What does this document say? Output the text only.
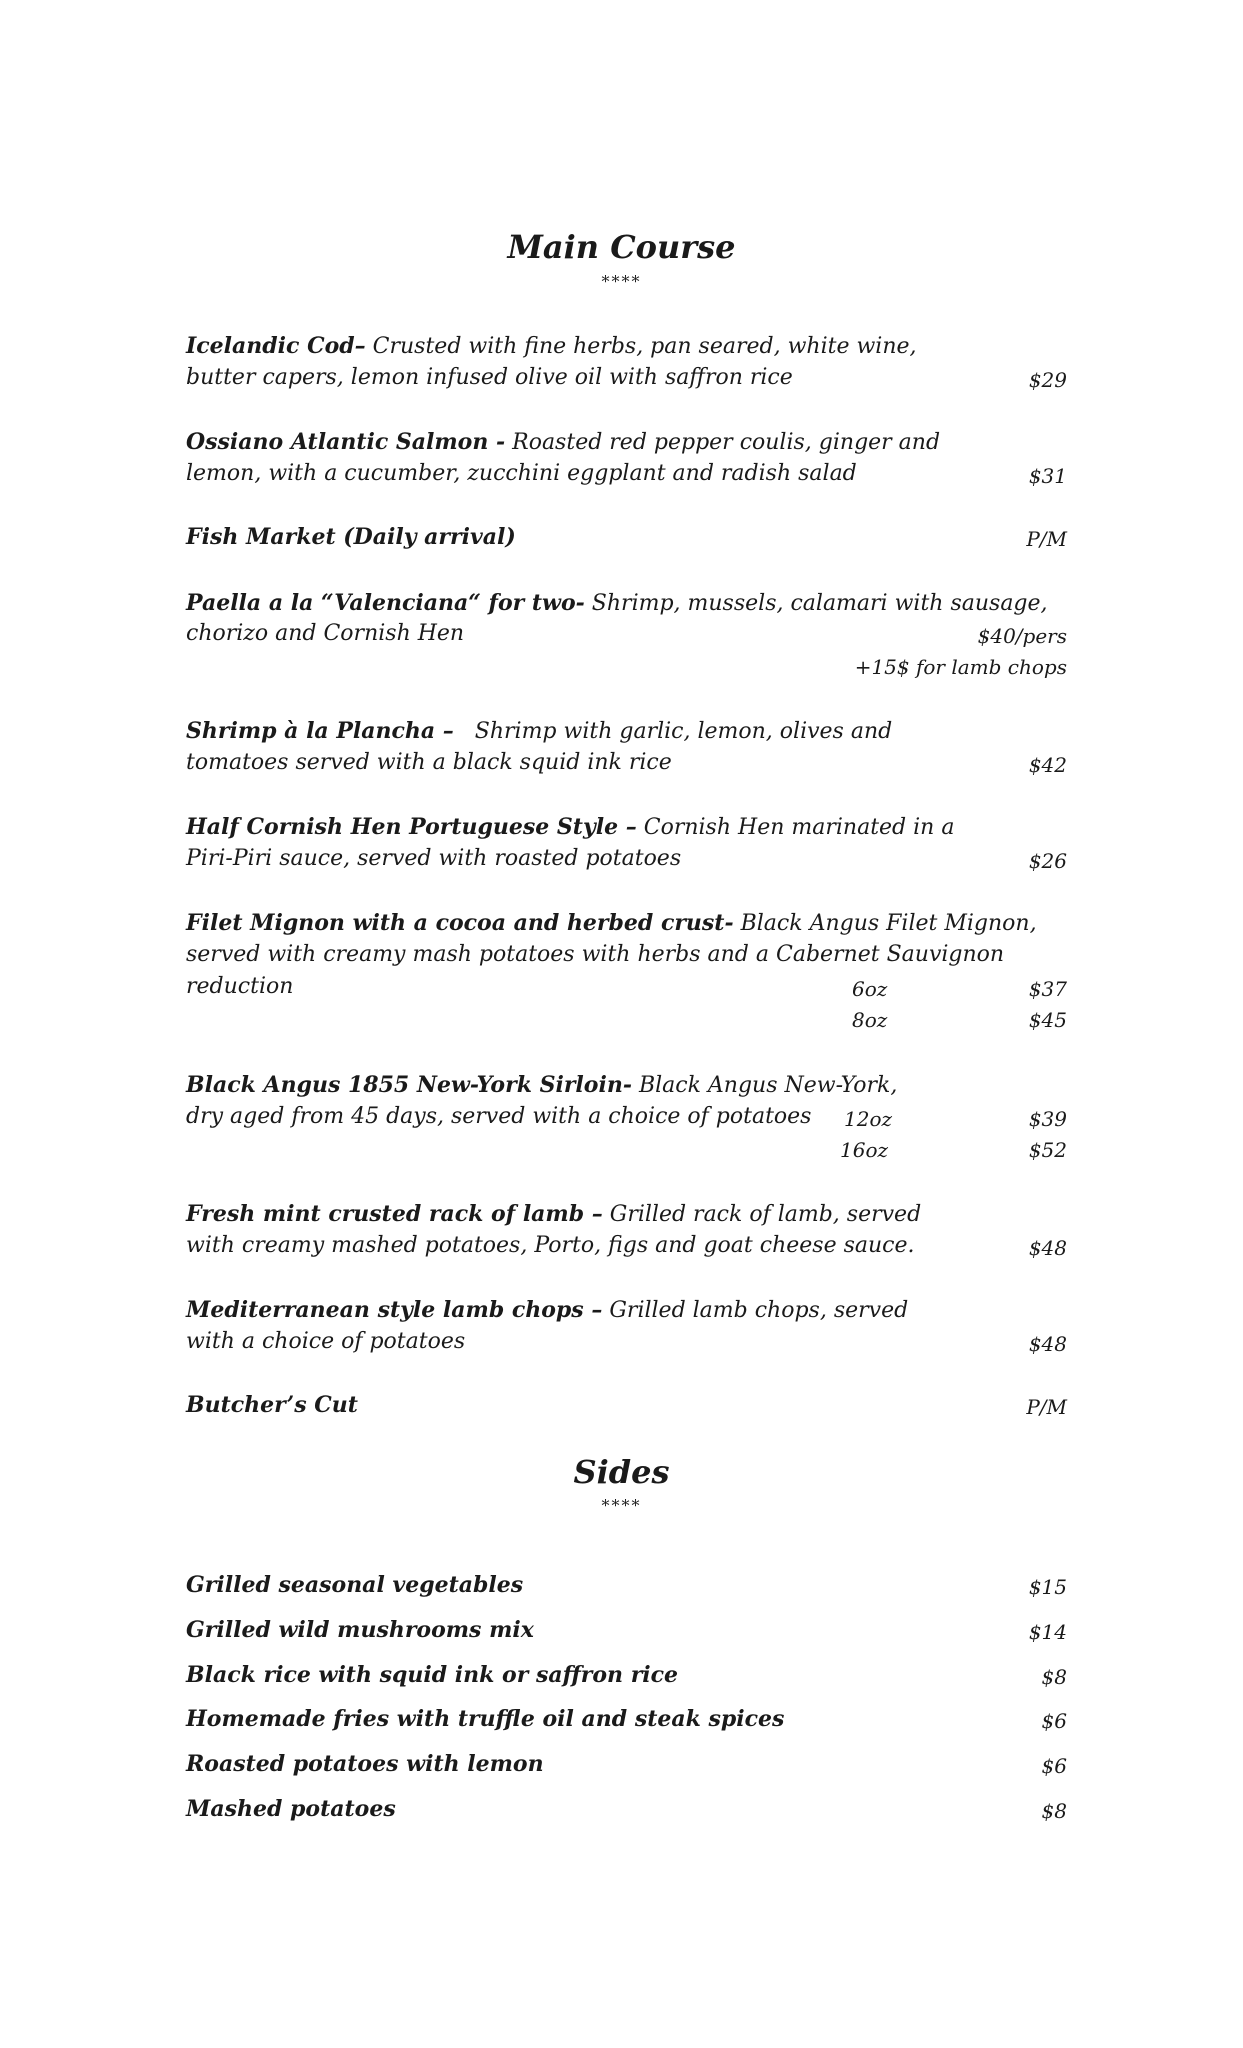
Main Course
****
Icelandic Cod– Crusted with fine herbs, pan seared, white wine,
butter capers, lemon infused olive oil with saffron rice	$29
Ossiano Atlantic Salmon - Roasted red pepper coulis, ginger and
lemon, with a cucumber, zucchini eggplant and radish salad	$31
Fish Market (Daily arrival)	P/M
Paella a la “Valenciana“ for two- Shrimp, mussels, calamari with sausage,
chorizo and Cornish Hen	$40/pers
+15$ for lamb chops
Shrimp à la Plancha –   Shrimp with garlic, lemon, olives and
tomatoes served with a black squid ink rice	$42
Half Cornish Hen Portuguese Style – Cornish Hen marinated in a
Piri-Piri sauce, served with roasted potatoes	$26
Filet Mignon with a cocoa and herbed crust- Black Angus Filet Mignon,
served with creamy mash potatoes with herbs and a Cabernet Sauvignon
reduction	6oz	$37
8oz	$45
Black Angus 1855 New-York Sirloin- Black Angus New-York,
dry aged from 45 days, served with a choice of potatoes 12oz	$39
16oz	$52
Fresh mint crusted rack of lamb – Grilled rack of lamb, served
with creamy mashed potatoes, Porto, figs and goat cheese sauce.	$48
Mediterranean style lamb chops – Grilled lamb chops, served
with a choice of potatoes	$48
Butcher’s Cut	P/M
Sides
****
Grilled seasonal vegetables	$15
Grilled wild mushrooms mix	$14
Black rice with squid ink or saffron rice	$8
Homemade fries with truffle oil and steak spices	$6
Roasted potatoes with lemon	$6
Mashed potatoes	$8
